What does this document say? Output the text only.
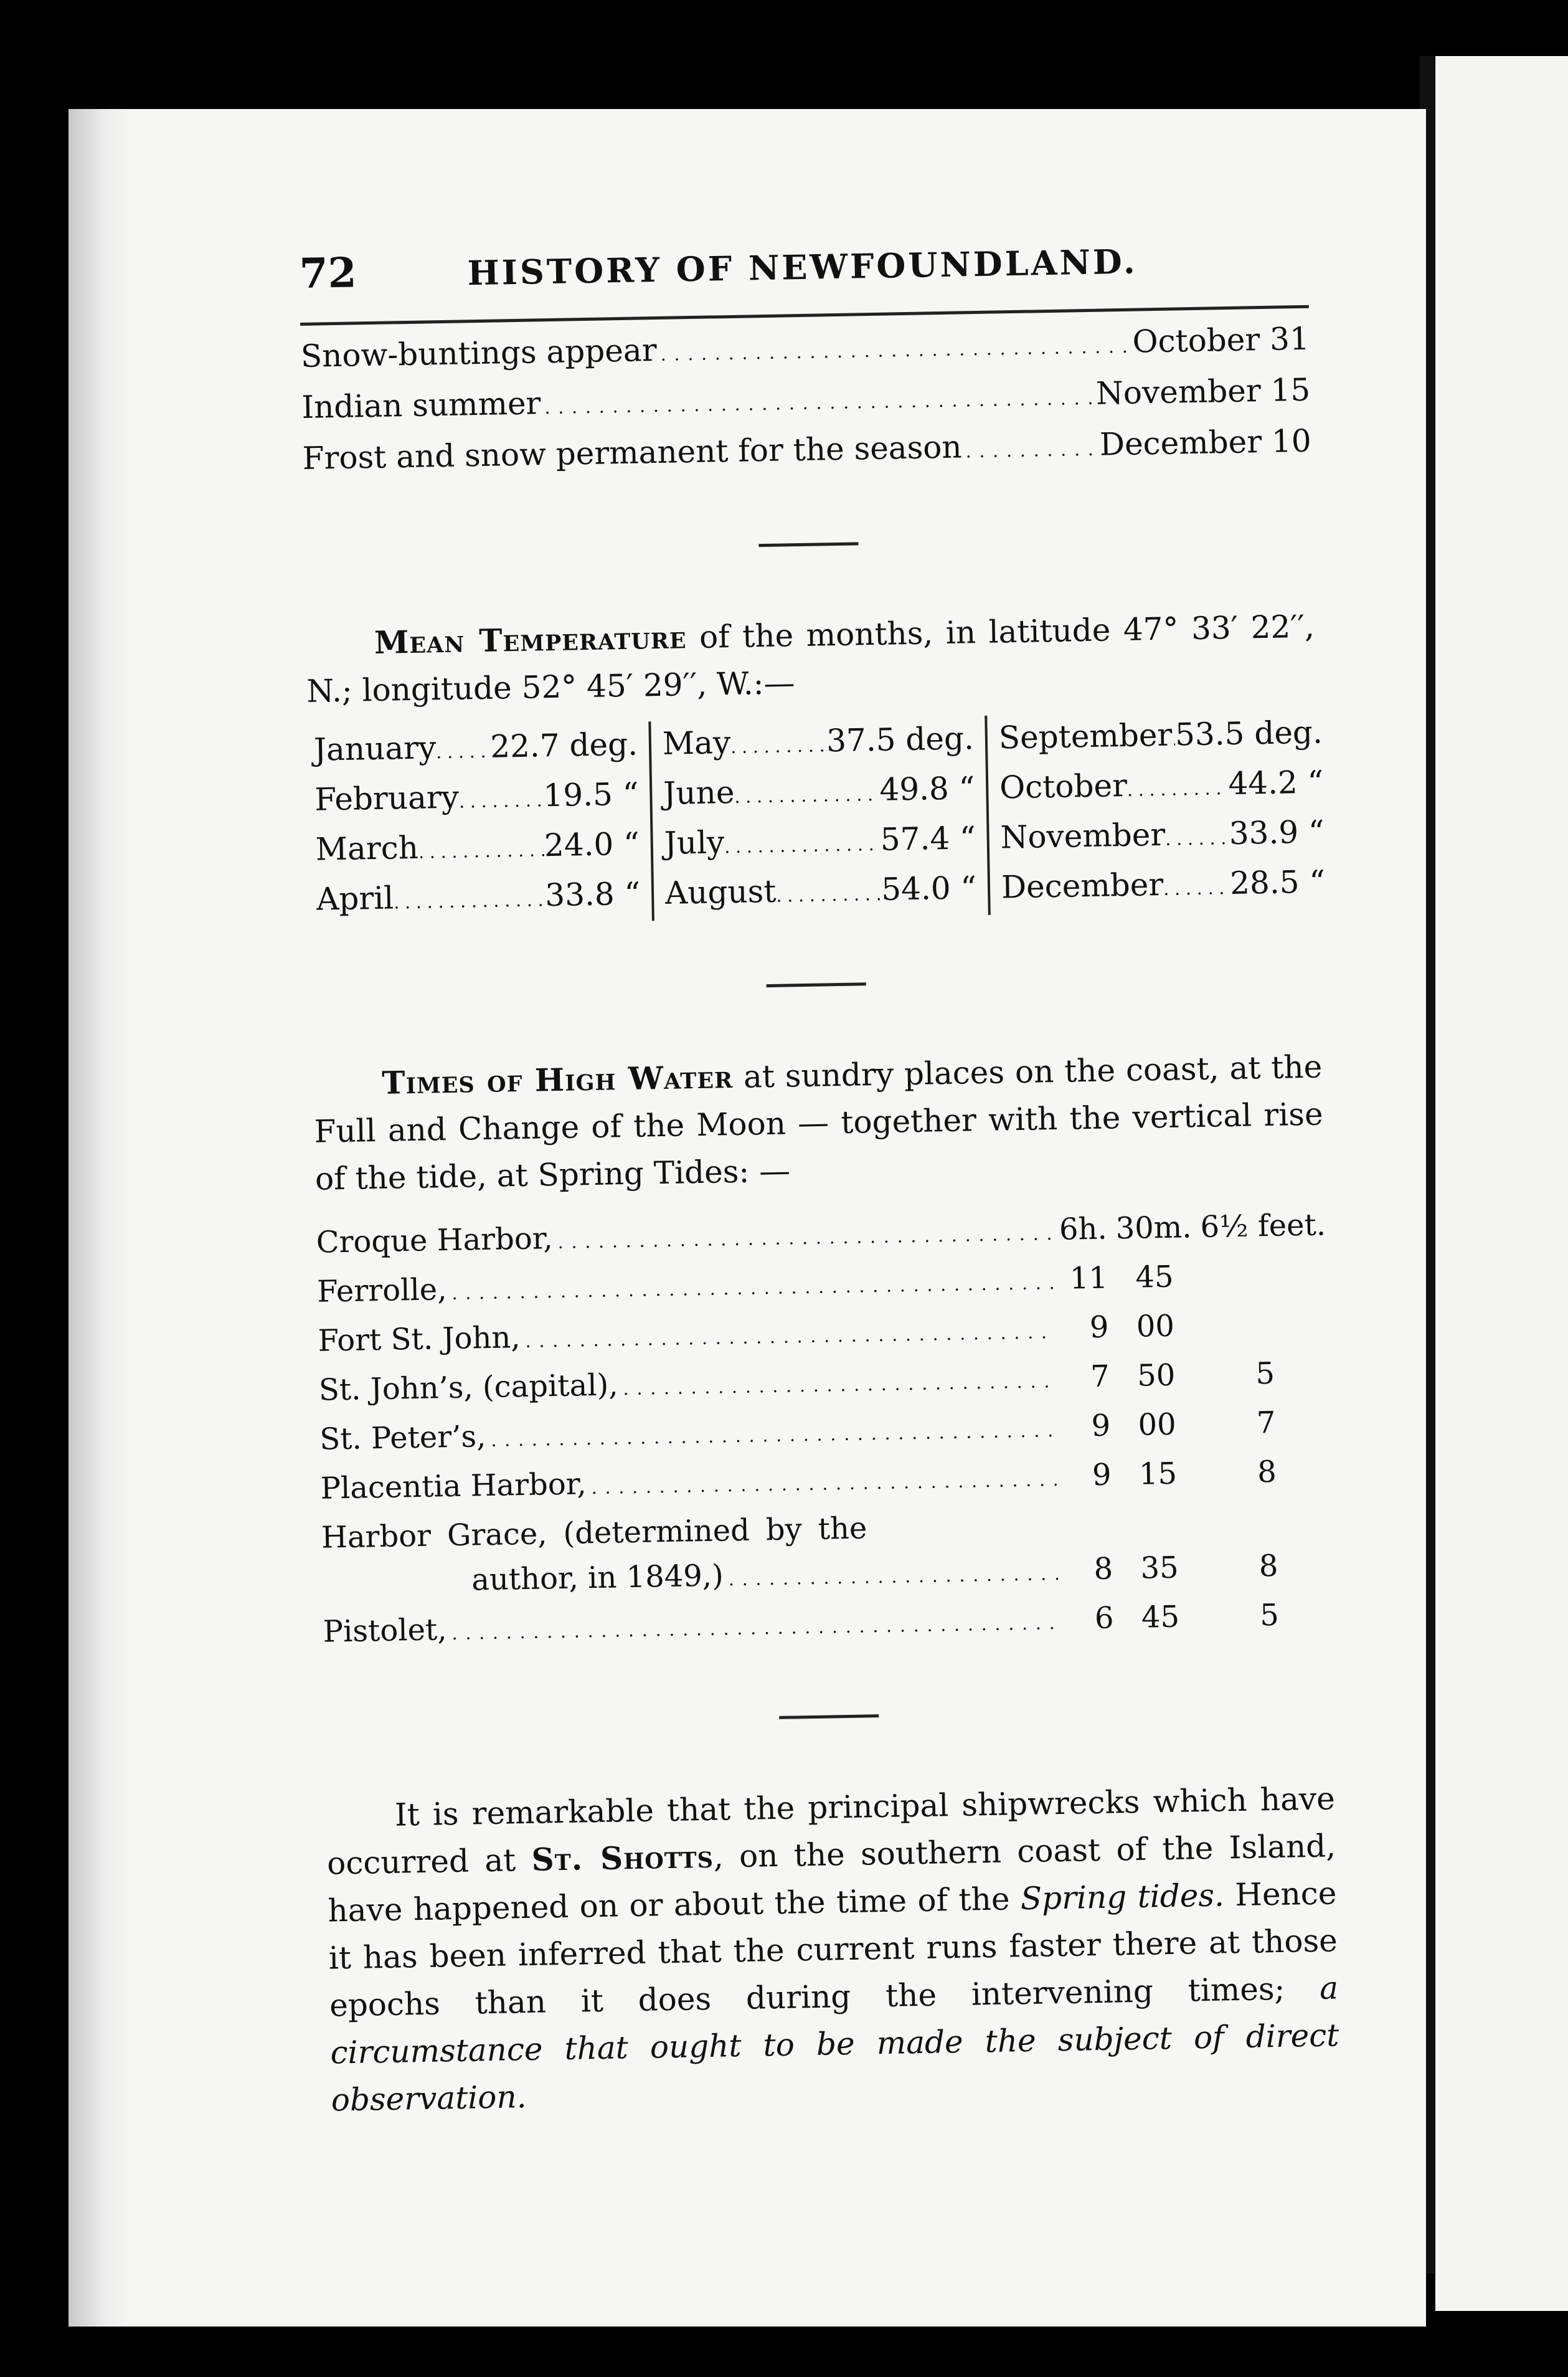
72	HISTORY OF NEWFOUNDLAND.
Snow-buntings appear . . .	October 31
Indian summer . . .	November 15
Frost and snow permanent for the season . . .	December 10
Mean Temperature of the months, in latitude 47° 33′ 22′′, N.; longitude 52° 45′ 29′′, W.:—
January . . . 22.7 deg.
February . . .	19.5 “
March . . .	24.0 “
April . . .	33.8 “
May . . .	37.5 deg.
June . . .	49.8 “
July . . .	57.4 “
August . . .	54.0 “
September . . . 53.5 deg.
October . . .	44.2 “
November . . . 33.9 “
December . . . 28.5 “
Times of High Water at sundry places on the coast, at the Full and Change of the Moon — together with the vertical rise of the tide, at Spring Tides: —
Croque Harbor, . . .	6h. 30m. 6½ feet.
Ferrolle, . . .	11 45
Fort St. John, . . .	9 00
St. John’s, (capital), . . .	7 50	5
St. Peter’s, . . .	9 00	7
Placentia Harbor, . . .	9 15	8
Harbor Grace, (determined by the
author, in 1849,) . . .	8 35	8
Pistolet, . . .	6 45	5
It is remarkable that the principal shipwrecks which have occurred at St. Shotts, on the southern coast of the Island, have happened on or about the time of the Spring tides. Hence it has been inferred that the current runs faster there at those epochs than it does during the intervening times; a circumstance that ought to be made the subject of direct observation.
